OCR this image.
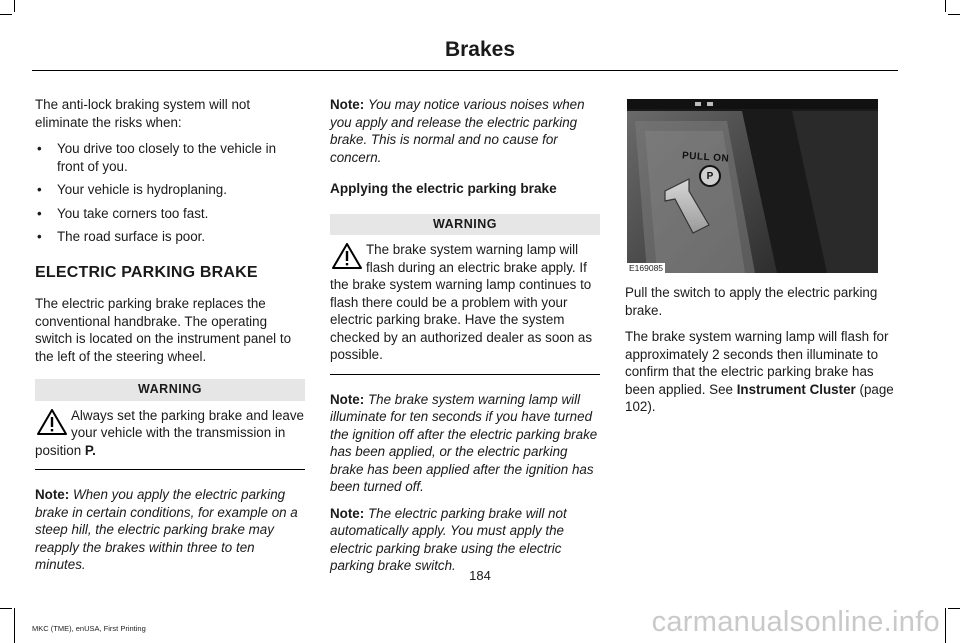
Brakes

The anti-lock braking system will not eliminate the risks when:

• You drive too closely to the vehicle in front of you.
• Your vehicle is hydroplaning.
• You take corners too fast.
• The road surface is poor.
ELECTRIC PARKING BRAKE

The electric parking brake replaces the conventional handbrake. The operating switch is located on the instrument panel to the left of the steering wheel.

WARNING
Always set the parking brake and leave your vehicle with the transmission in position P.

Note: When you apply the electric parking brake in certain conditions, for example on a steep hill, the electric parking brake may reapply the brakes within three to ten minutes.

Note: You may notice various noises when you apply and release the electric parking brake. This is normal and no cause for concern.

Applying the electric parking brake
WARNING
The brake system warning lamp will flash during an electric brake apply. If the brake system warning lamp continues to flash there could be a problem with your electric parking brake. Have the system checked by an authorized dealer as soon as possible.

Note: The brake system warning lamp will illuminate for ten seconds if you have turned the ignition off after the electric parking brake has been applied, or the electric parking brake has been applied after the ignition has been turned off.

Note: The electric parking brake will not automatically apply. You must apply the electric parking brake using the electric parking brake switch.

PULL ON
P
E169085

Pull the switch to apply the electric parking brake.

The brake system warning lamp will flash for approximately 2 seconds then illuminate to confirm that the electric parking brake has been applied. See Instrument Cluster (page 102).

184
MKC (TME), enUSA, First Printing	carmanualsonline.info
